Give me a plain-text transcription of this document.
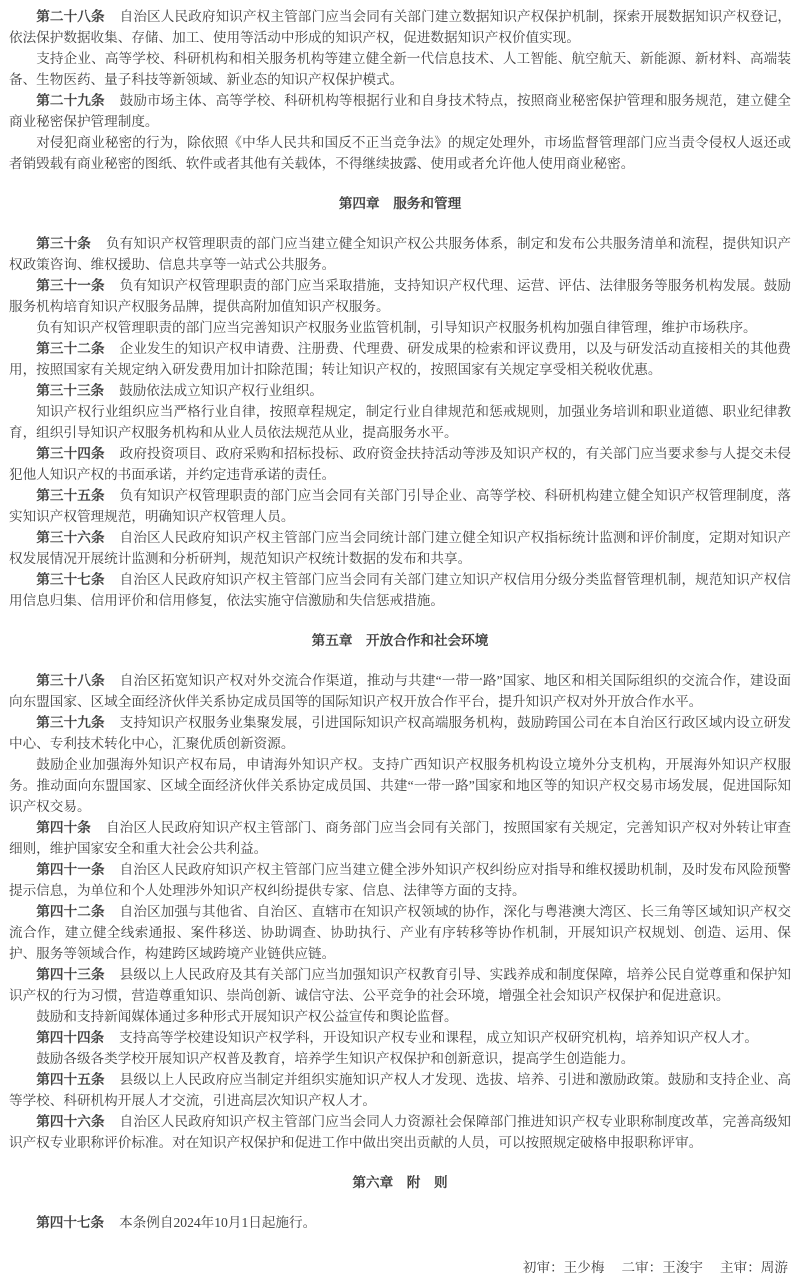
第二十八条 自治区人民政府知识产权主管部门应当会同有关部门建立数据知识产权保护机制，探索开展数据知识产权登记，依法保护数据收集、存储、加工、使用等活动中形成的知识产权，促进数据知识产权价值实现。

支持企业、高等学校、科研机构和相关服务机构等建立健全新一代信息技术、人工智能、航空航天、新能源、新材料、高端装备、生物医药、量子科技等新领域、新业态的知识产权保护模式。

第二十九条 鼓励市场主体、高等学校、科研机构等根据行业和自身技术特点，按照商业秘密保护管理和服务规范，建立健全商业秘密保护管理制度。

对侵犯商业秘密的行为，除依照《中华人民共和国反不正当竞争法》的规定处理外，市场监督管理部门应当责令侵权人返还或者销毁载有商业秘密的图纸、软件或者其他有关载体，不得继续披露、使用或者允许他人使用商业秘密。

第四章　服务和管理

第三十条 负有知识产权管理职责的部门应当建立健全知识产权公共服务体系，制定和发布公共服务清单和流程，提供知识产权政策咨询、维权援助、信息共享等一站式公共服务。

第三十一条 负有知识产权管理职责的部门应当采取措施，支持知识产权代理、运营、评估、法律服务等服务机构发展。鼓励服务机构培育知识产权服务品牌，提供高附加值知识产权服务。

负有知识产权管理职责的部门应当完善知识产权服务业监管机制，引导知识产权服务机构加强自律管理，维护市场秩序。

第三十二条 企业发生的知识产权申请费、注册费、代理费、研发成果的检索和评议费用，以及与研发活动直接相关的其他费用，按照国家有关规定纳入研发费用加计扣除范围；转让知识产权的，按照国家有关规定享受相关税收优惠。

第三十三条 鼓励依法成立知识产权行业组织。

知识产权行业组织应当严格行业自律，按照章程规定，制定行业自律规范和惩戒规则，加强业务培训和职业道德、职业纪律教育，组织引导知识产权服务机构和从业人员依法规范从业，提高服务水平。

第三十四条 政府投资项目、政府采购和招标投标、政府资金扶持活动等涉及知识产权的，有关部门应当要求参与人提交未侵犯他人知识产权的书面承诺，并约定违背承诺的责任。

第三十五条 负有知识产权管理职责的部门应当会同有关部门引导企业、高等学校、科研机构建立健全知识产权管理制度，落实知识产权管理规范，明确知识产权管理人员。

第三十六条 自治区人民政府知识产权主管部门应当会同统计部门建立健全知识产权指标统计监测和评价制度，定期对知识产权发展情况开展统计监测和分析研判，规范知识产权统计数据的发布和共享。

第三十七条 自治区人民政府知识产权主管部门应当会同有关部门建立知识产权信用分级分类监督管理机制，规范知识产权信用信息归集、信用评价和信用修复，依法实施守信激励和失信惩戒措施。

第五章　开放合作和社会环境

第三十八条 自治区拓宽知识产权对外交流合作渠道，推动与共建“一带一路”国家、地区和相关国际组织的交流合作，建设面向东盟国家、区域全面经济伙伴关系协定成员国等的国际知识产权开放合作平台，提升知识产权对外开放合作水平。

第三十九条 支持知识产权服务业集聚发展，引进国际知识产权高端服务机构，鼓励跨国公司在本自治区行政区域内设立研发中心、专利技术转化中心，汇聚优质创新资源。

鼓励企业加强海外知识产权布局，申请海外知识产权。支持广西知识产权服务机构设立境外分支机构，开展海外知识产权服务。推动面向东盟国家、区域全面经济伙伴关系协定成员国、共建“一带一路”国家和地区等的知识产权交易市场发展，促进国际知识产权交易。

第四十条 自治区人民政府知识产权主管部门、商务部门应当会同有关部门，按照国家有关规定，完善知识产权对外转让审查细则，维护国家安全和重大社会公共利益。

第四十一条 自治区人民政府知识产权主管部门应当建立健全涉外知识产权纠纷应对指导和维权援助机制，及时发布风险预警提示信息，为单位和个人处理涉外知识产权纠纷提供专家、信息、法律等方面的支持。

第四十二条 自治区加强与其他省、自治区、直辖市在知识产权领域的协作，深化与粤港澳大湾区、长三角等区域知识产权交流合作，建立健全线索通报、案件移送、协助调查、协助执行、产业有序转移等协作机制，开展知识产权规划、创造、运用、保护、服务等领域合作，构建跨区域跨境产业链供应链。

第四十三条 县级以上人民政府及其有关部门应当加强知识产权教育引导、实践养成和制度保障，培养公民自觉尊重和保护知识产权的行为习惯，营造尊重知识、崇尚创新、诚信守法、公平竞争的社会环境，增强全社会知识产权保护和促进意识。

鼓励和支持新闻媒体通过多种形式开展知识产权公益宣传和舆论监督。

第四十四条 支持高等学校建设知识产权学科，开设知识产权专业和课程，成立知识产权研究机构，培养知识产权人才。

鼓励各级各类学校开展知识产权普及教育，培养学生知识产权保护和创新意识，提高学生创造能力。

第四十五条 县级以上人民政府应当制定并组织实施知识产权人才发现、选拔、培养、引进和激励政策。鼓励和支持企业、高等学校、科研机构开展人才交流，引进高层次知识产权人才。

第四十六条 自治区人民政府知识产权主管部门应当会同人力资源社会保障部门推进知识产权专业职称制度改革，完善高级知识产权专业职称评价标准。对在知识产权保护和促进工作中做出突出贡献的人员，可以按照规定破格申报职称评审。

第六章　附　则

第四十七条 本条例自2024年10月1日起施行。

初审：王少梅 二审：王浚宇 主审：周游
